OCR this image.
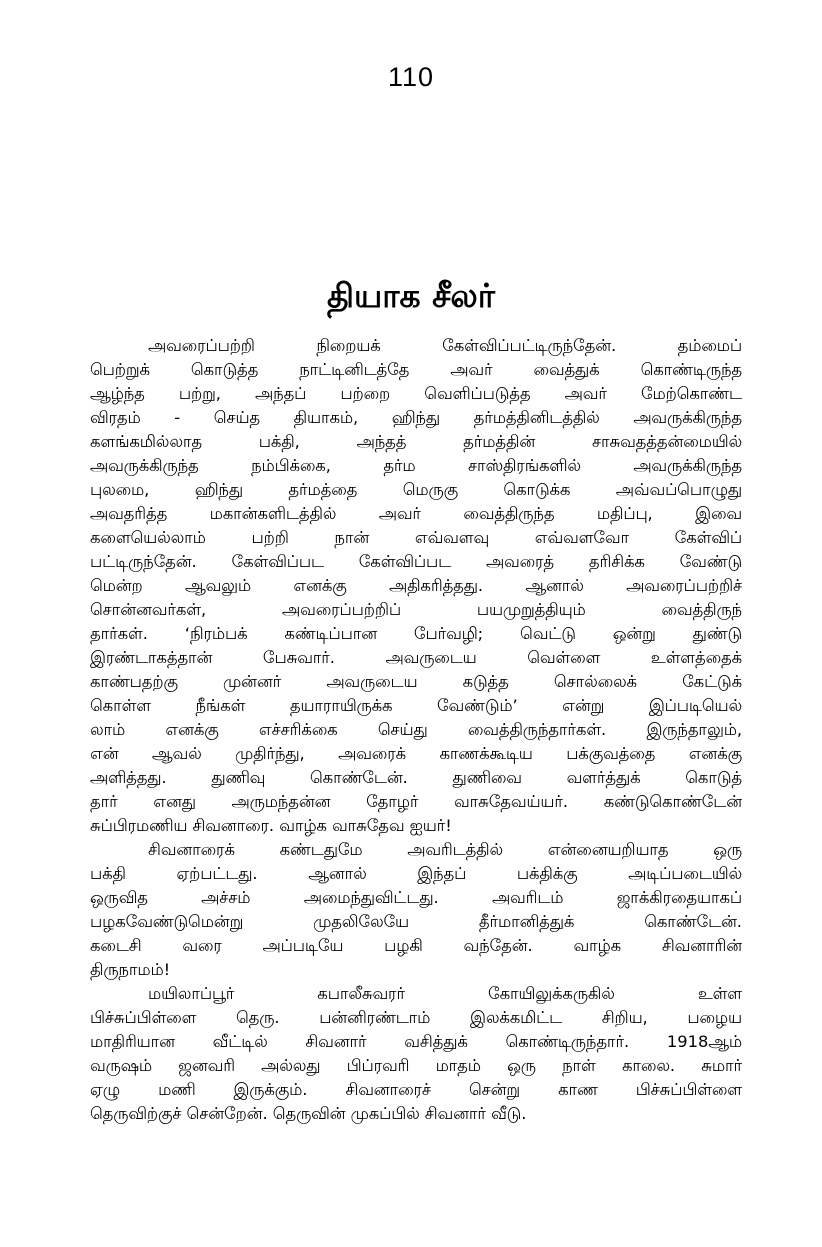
110
தியாக சீலர்
அவரைப்பற்றி நிறையக் கேள்விப்பட்டிருந்தேன். தம்மைப்
பெற்றுக் கொடுத்த நாட்டினிடத்தே அவர் வைத்துக் கொண்டிருந்த
ஆழ்ந்த பற்று, அந்தப் பற்றை வெளிப்படுத்த அவர் மேற்கொண்ட
விரதம் - செய்த தியாகம், ஹிந்து தர்மத்தினிடத்தில் அவருக்கிருந்த
களங்கமில்லாத பக்தி, அந்தத் தர்மத்தின் சாசுவதத்தன்மையில்
அவருக்கிருந்த நம்பிக்கை, தர்ம சாஸ்திரங்களில் அவருக்கிருந்த
புலமை, ஹிந்து தர்மத்தை மெருகு கொடுக்க அவ்வப்பொழுது
அவதரித்த மகான்களிடத்தில் அவர் வைத்திருந்த மதிப்பு, இவை
களையெல்லாம் பற்றி நான் எவ்வளவு எவ்வளவோ கேள்விப்
பட்டிருந்தேன். கேள்விப்பட கேள்விப்பட அவரைத் தரிசிக்க வேண்டு
மென்ற ஆவலும் எனக்கு அதிகரித்தது. ஆனால் அவரைப்பற்றிச்
சொன்னவர்கள், அவரைப்பற்றிப் பயமுறுத்தியும் வைத்திருந்
தார்கள். ‘நிரம்பக் கண்டிப்பான பேர்வழி; வெட்டு ஒன்று துண்டு
இரண்டாகத்தான் பேசுவார். அவருடைய வெள்ளை உள்ளத்தைக்
காண்பதற்கு முன்னர் அவருடைய கடுத்த சொல்லைக் கேட்டுக்
கொள்ள நீங்கள் தயாராயிருக்க வேண்டும்’ என்று இப்படியெல்
லாம் எனக்கு எச்சரிக்கை செய்து வைத்திருந்தார்கள். இருந்தாலும்,
என் ஆவல் முதிர்ந்து, அவரைக் காணக்கூடிய பக்குவத்தை எனக்கு
அளித்தது. துணிவு கொண்டேன். துணிவை வளர்த்துக் கொடுத்
தார் எனது அருமந்தன்ன தோழர் வாசுதேவய்யர். கண்டுகொண்டேன்
சுப்பிரமணிய சிவனாரை. வாழ்க வாசுதேவ ஐயர்!
சிவனாரைக் கண்டதுமே அவரிடத்தில் என்னையறியாத ஒரு
பக்தி ஏற்பட்டது. ஆனால் இந்தப் பக்திக்கு அடிப்படையில்
ஒருவித அச்சம் அமைந்துவிட்டது. அவரிடம் ஜாக்கிரதையாகப்
பழகவேண்டுமென்று முதலிலேயே தீர்மானித்துக் கொண்டேன்.
கடைசி வரை அப்படியே பழகி வந்தேன். வாழ்க சிவனாரின்
திருநாமம்!
மயிலாப்பூர் கபாலீசுவரர் கோயிலுக்கருகில் உள்ள
பிச்சுப்பிள்ளை தெரு. பன்னிரண்டாம் இலக்கமிட்ட சிறிய, பழைய
மாதிரியான வீட்டில் சிவனார் வசித்துக் கொண்டிருந்தார். 1918ஆம்
வருஷம் ஜனவரி அல்லது பிப்ரவரி மாதம் ஒரு நாள் காலை. சுமார்
ஏழு மணி இருக்கும். சிவனாரைச் சென்று காண பிச்சுப்பிள்ளை
தெருவிற்குச் சென்றேன். தெருவின் முகப்பில் சிவனார் வீடு.
